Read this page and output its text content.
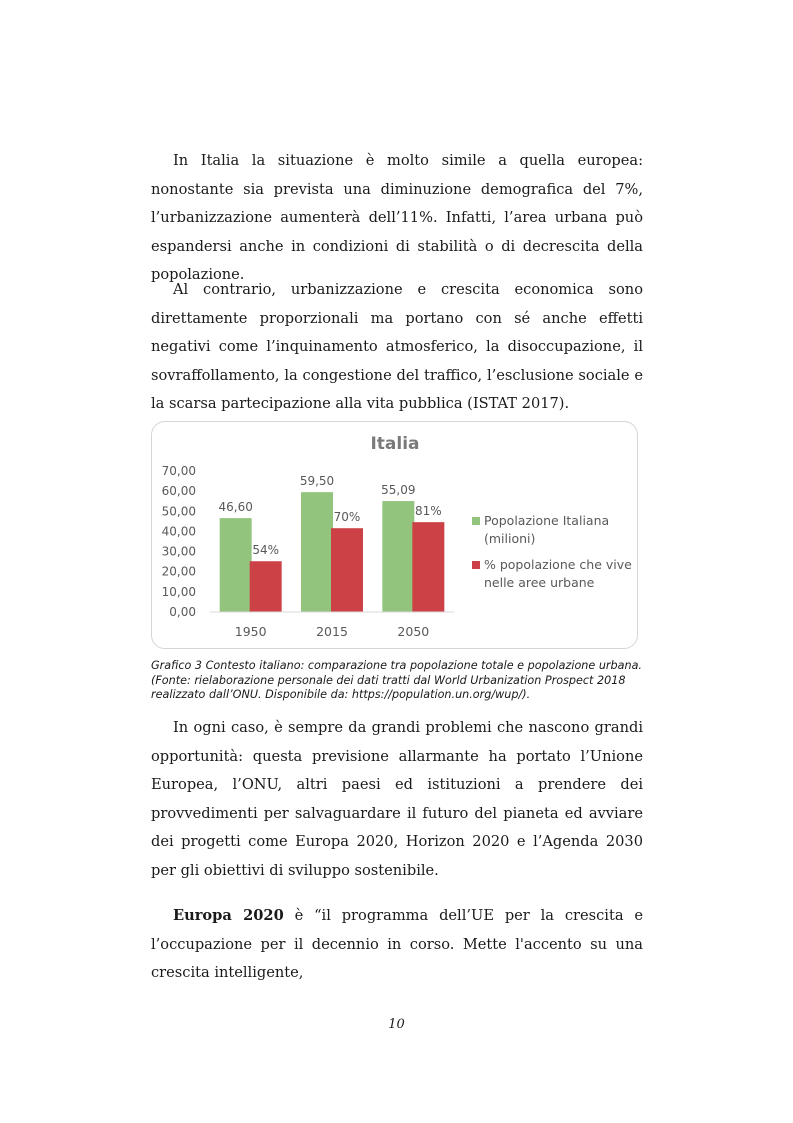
In Italia la situazione è molto simile a quella europea: nonostante sia prevista una diminuzione demografica del 7%, l’urbanizzazione aumenterà dell’11%. Infatti, l’area urbana può espandersi anche in condizioni di stabilità o di decrescita della popolazione.

Al contrario, urbanizzazione e crescita economica sono direttamente proporzionali ma portano con sé anche effetti negativi come l’inquinamento atmosferico, la disoccupazione, il sovraffollamento, la congestione del traffico, l’esclusione sociale e la scarsa partecipazione alla vita pubblica (ISTAT 2017).

Italia
0,00
10,00
20,00
30,00
40,00
50,00
60,00
70,00
46,60
54%
59,50
70%
55,09
81%
1950	2015	2050
Popolazione Italiana
(milioni)
% popolazione che vive
nelle aree urbane
Grafico 3 Contesto italiano: comparazione tra popolazione totale e popolazione urbana.
(Fonte: rielaborazione personale dei dati tratti dal World Urbanization Prospect 2018
realizzato dall’ONU. Disponibile da: https://population.un.org/wup/).

In ogni caso, è sempre da grandi problemi che nascono grandi opportunità: questa previsione allarmante ha portato l’Unione Europea, l’ONU, altri paesi ed istituzioni a prendere dei provvedimenti per salvaguardare il futuro del pianeta ed avviare dei progetti come Europa 2020, Horizon 2020 e l’Agenda 2030 per gli obiettivi di sviluppo sostenibile.

Europa 2020 è “il programma dell’UE per la crescita e l’occupazione per il decennio in corso. Mette l'accento su una crescita intelligente,

10
